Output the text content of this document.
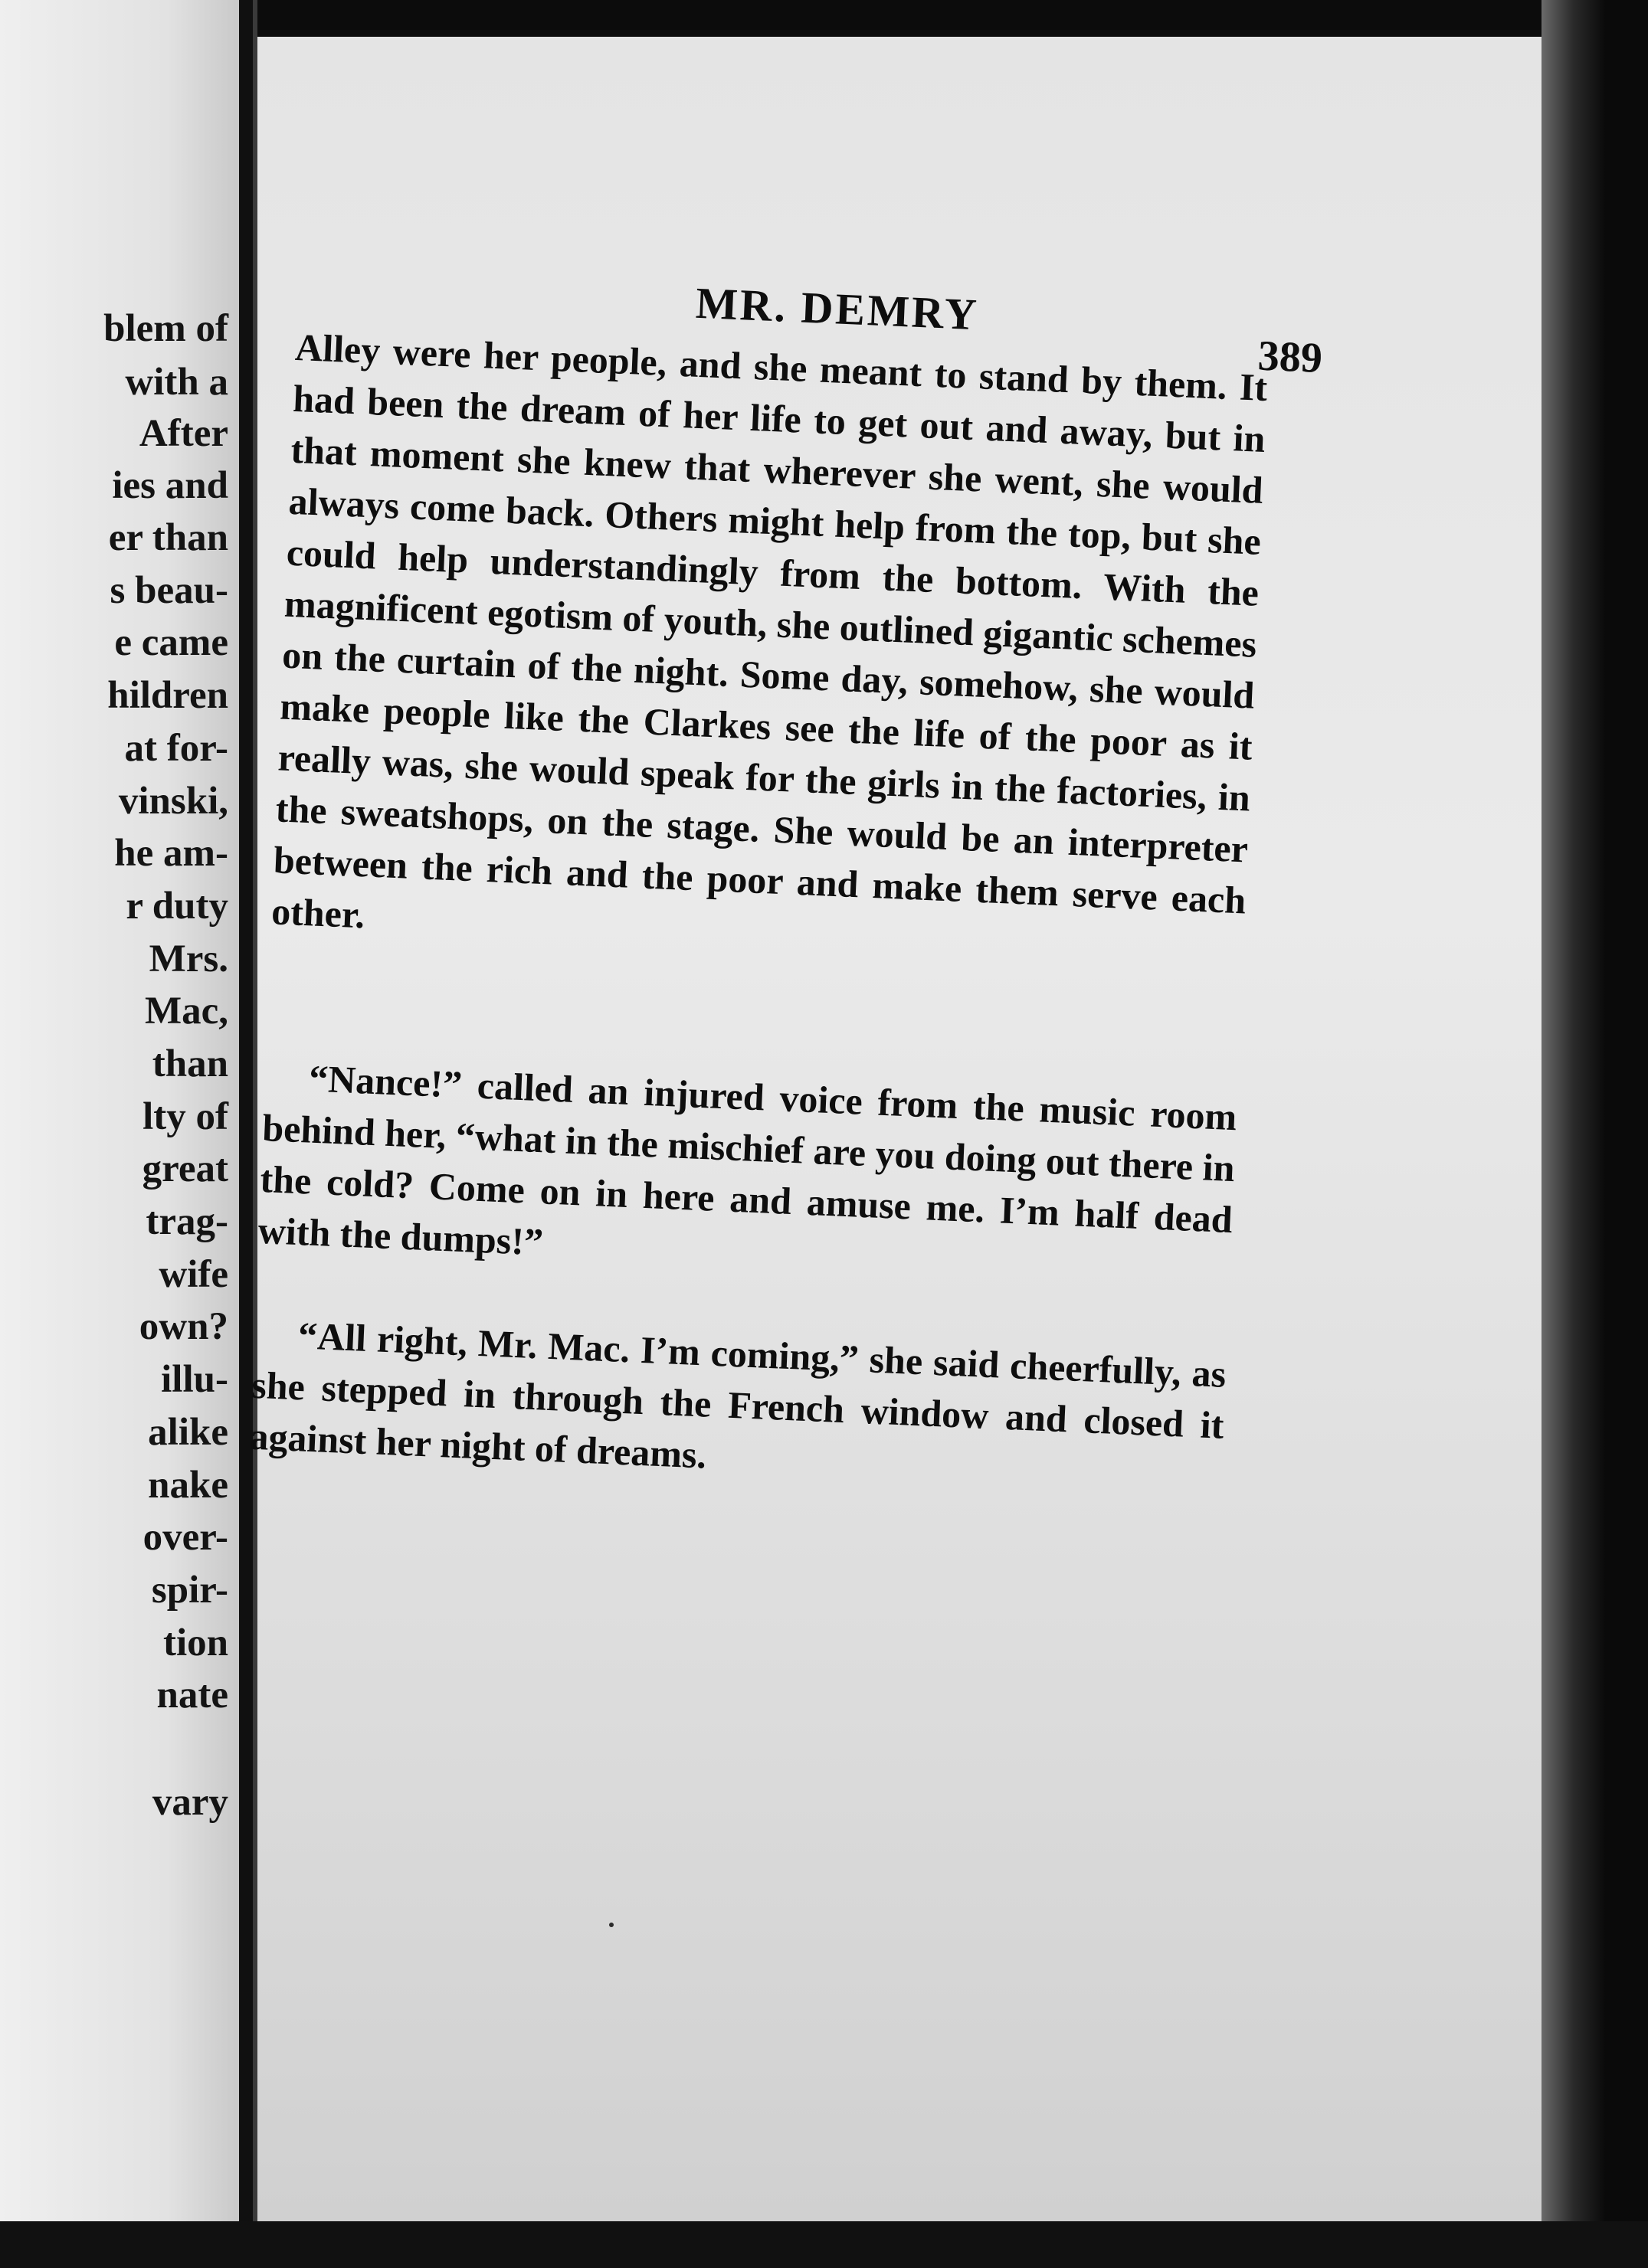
blem of
with a
After
ies and
er than
s beau-
e came
hildren
at for-
vinski,
he am-
r duty
Mrs.
Mac,
than
lty of
great
trag-
wife
own?
illu-
alike
nake
over-
spir-
tion
nate
vary
MR. DEMRY
389

Alley were her people, and she meant to stand by them. It had been the dream of her life to get out and away, but in that moment she knew that wherever she went, she would always come back. Others might help from the top, but she could help understandingly from the bottom. With the magnificent egotism of youth, she outlined gigantic schemes on the curtain of the night. Some day, somehow, she would make people like the Clarkes see the life of the poor as it really was, she would speak for the girls in the factories, in the sweatshops, on the stage. She would be an interpreter between the rich and the poor and make them serve each other.

“Nance!” called an injured voice from the music room behind her, “what in the mischief are you doing out there in the cold? Come on in here and amuse me. I’m half dead with the dumps!”

“All right, Mr. Mac. I’m coming,” she said cheerfully, as she stepped in through the French window and closed it against her night of dreams.
